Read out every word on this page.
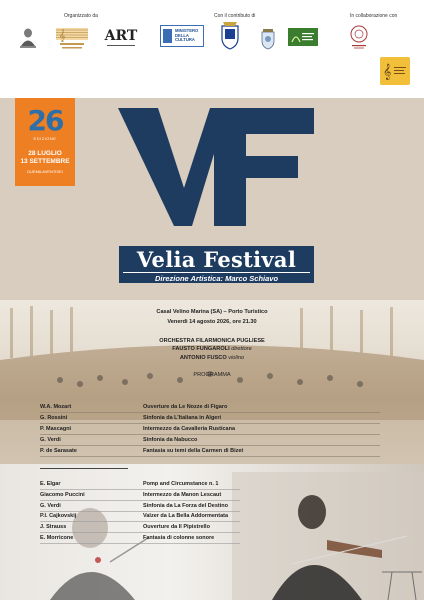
Organizzato da	Con il contributo di	In collaborazione con
𝄞	ART	MINISTERO DELLA CULTURA
𝄞
26
EDIZIONE
28 LUGLIO
13 SETTEMBRE
DUEMILAVENTISEI
Velia Festival
Direzione Artistica: Marco Schiavo
Casal Velino Marina (SA) – Porto Turistico
Venerdì 14 agosto 2026, ore 21.30
ORCHESTRA FILARMONICA PUGLIESE
FAUSTO FUNGAROLI direttore
ANTONIO FUSCO violino
PROGRAMMA
W.A. Mozart	Ouverture da Le Nozze di Figaro
G. Rossini	Sinfonia da L’Italiana in Algeri
P. Mascagni	Intermezzo da Cavalleria Rusticana
G. Verdi	Sinfonia da Nabucco
P. de Sarasate	Fantasia su temi della Carmen di Bizet
E. Elgar	Pomp and Circumstance n. 1
Giacomo Puccini	Intermezzo da Manon Lescaut
G. Verdi	Sinfonia da La Forza del Destino
P.I. Cajkovskij	Valzer da La Bella Addormentata
J. Strauss	Ouverture da Il Pipistrello
E. Morricone	Fantasia di colonne sonore
